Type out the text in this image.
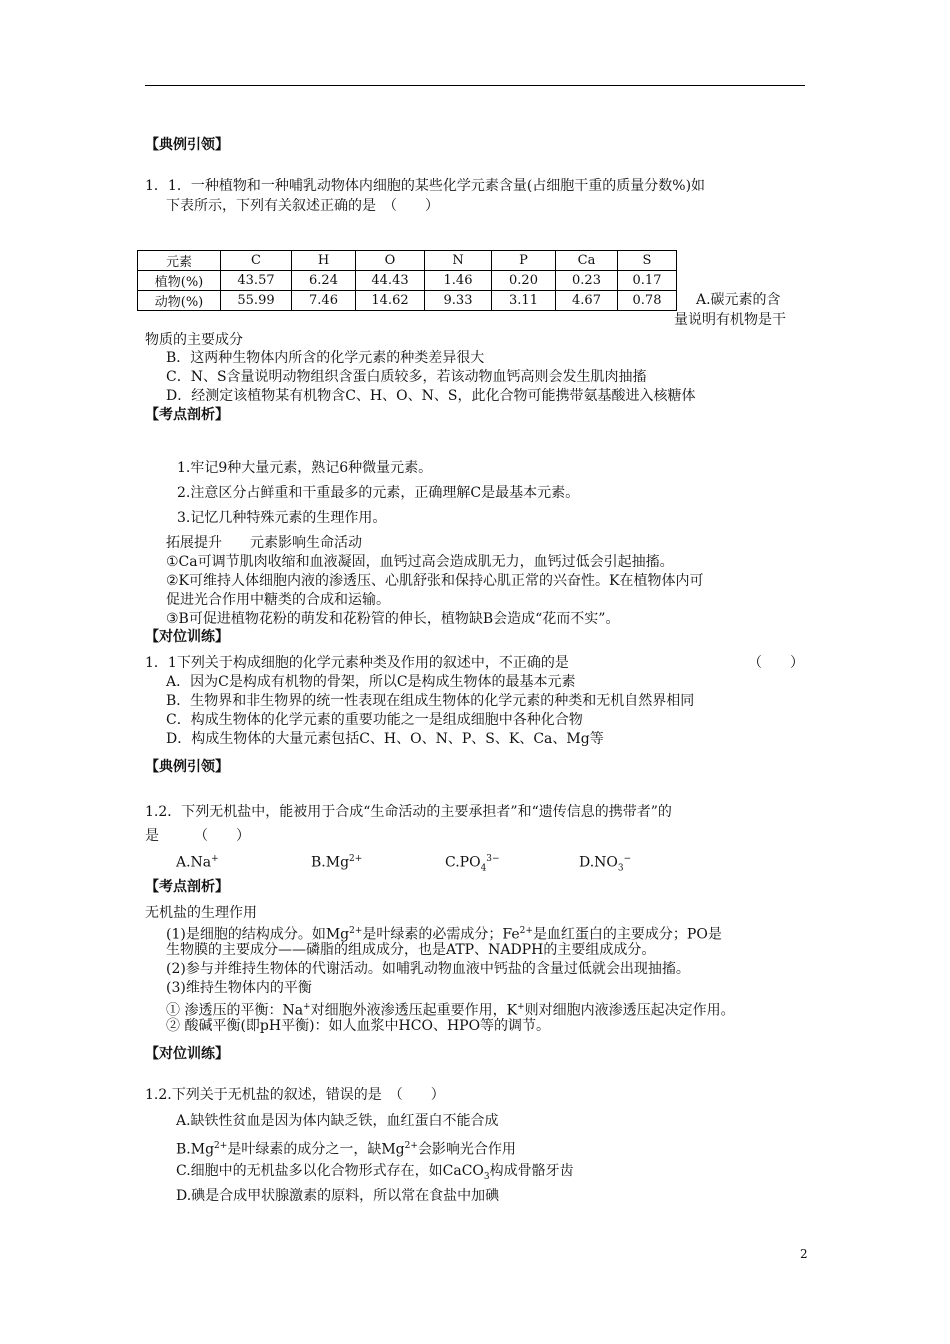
【典例引领】
1．1．一种植物和一种哺乳动物体内细胞的某些化学元素含量(占细胞干重的质量分数%)如
下表所示，下列有关叙述正确的是　（　　）
元素	C	H	O	N	P	Ca	S
植物(%)	43.57	6.24	44.43	1.46	0.20	0.23	0.17
动物(%)	55.99	7.46	14.62	9.33	3.11	4.67	0.78 A.碳元素的含
量说明有机物是干
物质的主要成分
B．这两种生物体内所含的化学元素的种类差异很大
C．N、S含量说明动物组织含蛋白质较多，若该动物血钙高则会发生肌肉抽搐
D．经测定该植物某有机物含C、H、O、N、S，此化合物可能携带氨基酸进入核糖体
【考点剖析】
1.牢记9种大量元素，熟记6种微量元素。
2.注意区分占鲜重和干重最多的元素，正确理解C是最基本元素。
3.记忆几种特殊元素的生理作用。
拓展提升　　元素影响生命活动
①Ca可调节肌肉收缩和血液凝固，血钙过高会造成肌无力，血钙过低会引起抽搐。
②K可维持人体细胞内液的渗透压、心肌舒张和保持心肌正常的兴奋性。K在植物体内可
促进光合作用中糖类的合成和运输。
③B可促进植物花粉的萌发和花粉管的伸长，植物缺B会造成“花而不实”。
【对位训练】
1．1下列关于构成细胞的化学元素种类及作用的叙述中，不正确的是	（　　）
A．因为C是构成有机物的骨架，所以C是构成生物体的最基本元素
B．生物界和非生物界的统一性表现在组成生物体的化学元素的种类和无机自然界相同
C．构成生物体的化学元素的重要功能之一是组成细胞中各种化合物
D．构成生物体的大量元素包括C、H、O、N、P、S、K、Ca、Mg等
【典例引领】
1.2．下列无机盐中，能被用于合成“生命活动的主要承担者”和“遗传信息的携带者”的
是　　　（　　）
A.Na+	$B.Mg^{2+}$	$C.PO_4^{3-}$	$D.NO_3^-$
【考点剖析】
无机盐的生理作用
(1)是细胞的结构成分。如$Mg^{2+}$是叶绿素的必需成分；$Fe^{2+}$是血红蛋白的主要成分；PO是
生物膜的主要成分——磷脂的组成成分，也是ATP、NADPH的主要组成成分。
(2)参与并维持生物体的代谢活动。如哺乳动物血液中钙盐的含量过低就会出现抽搐。
(3)维持生物体内的平衡
① 渗透压的平衡：Na+对细胞外液渗透压起重要作用，K+则对细胞内液渗透压起决定作用。
② 酸碱平衡(即pH平衡)：如人血浆中HCO、HPO等的调节。
【对位训练】
1.2.下列关于无机盐的叙述，错误的是　（　　）
A.缺铁性贫血是因为体内缺乏铁，血红蛋白不能合成
$B.Mg^{2+}$是叶绿素的成分之一，缺$Mg^{2+}$会影响光合作用
C.细胞中的无机盐多以化合物形式存在，如CaCO$_3$构成骨骼牙齿
D.碘是合成甲状腺激素的原料，所以常在食盐中加碘
2
